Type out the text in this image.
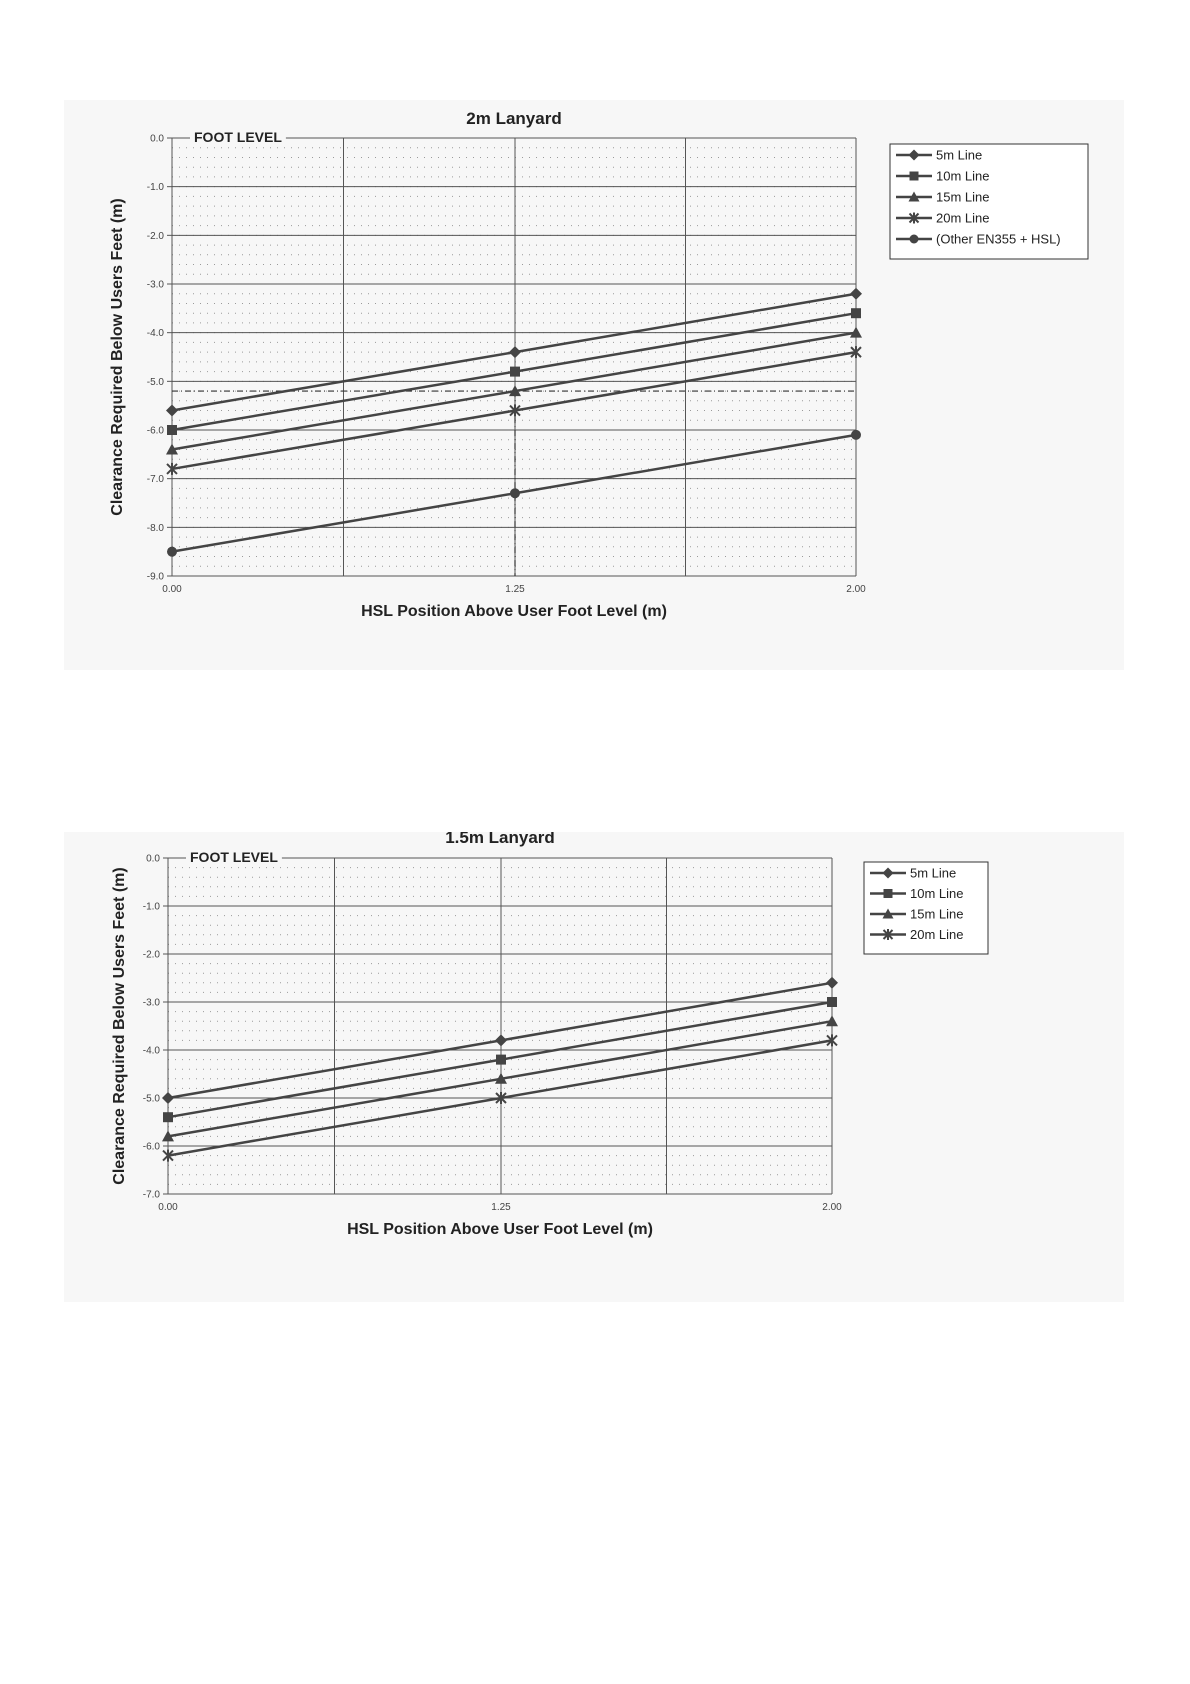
2m Lanyard
0.0
-1.0
-2.0
-3.0
-4.0
-5.0
-6.0
-7.0
-8.0
-9.0
0.00	1.25	2.00
FOOT LEVEL
HSL Position Above User Foot Level (m)
Clearance Required Below Users Feet (m)
5m Line
10m Line
15m Line
20m Line
(Other EN355 + HSL)
1.5m Lanyard
0.0
-1.0
-2.0
-3.0
-4.0
-5.0
-6.0
-7.0
0.00	1.25	2.00
FOOT LEVEL
HSL Position Above User Foot Level (m)
Clearance Required Below Users Feet (m)	5m Line
10m Line
15m Line
20m Line
